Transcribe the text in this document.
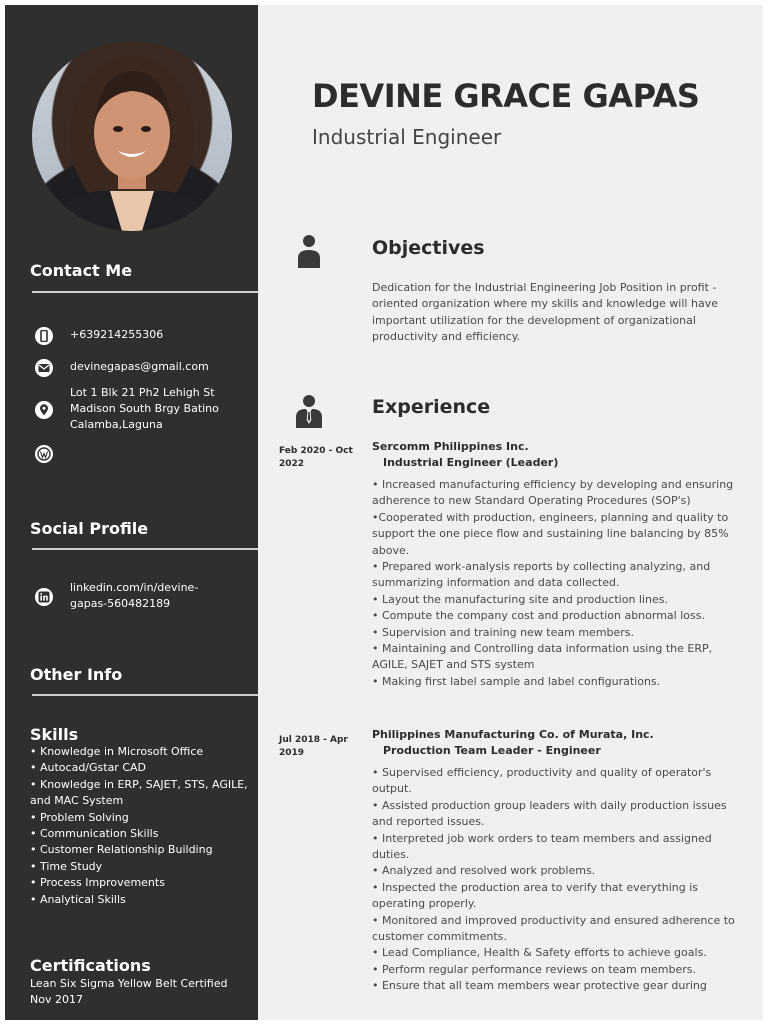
Contact Me
+639214255306
devinegapas@gmail.com
Lot 1 Blk 21 Ph2 Lehigh St Madison South Brgy Batino Calamba,Laguna
Social Profile
linkedin.com/in/devine-gapas-560482189
Other Info
Skills
• Knowledge in Microsoft Office
• Autocad/Gstar CAD
• Knowledge in ERP, SAJET, STS, AGILE, and MAC System
• Problem Solving
• Communication Skills
• Customer Relationship Building
• Time Study
• Process Improvements
• Analytical Skills
Certifications
Lean Six Sigma Yellow Belt Certified
Nov 2017
DEVINE GRACE GAPAS
Industrial Engineer
Objectives
Dedication for the Industrial Engineering Job Position in profit - oriented organization where my skills and knowledge will have important utilization for the development of organizational productivity and efficiency.
Experience
Feb 2020 - Oct 2022
Sercomm Philippines Inc.
Industrial Engineer (Leader)
• Increased manufacturing efficiency by developing and ensuring adherence to new Standard Operating Procedures (SOP's)
•Cooperated with production, engineers, planning and quality to support the one piece flow and sustaining line balancing by 85% above.
• Prepared work-analysis reports by collecting analyzing, and summarizing information and data collected.
• Layout the manufacturing site and production lines.
• Compute the company cost and production abnormal loss.
• Supervision and training new team members.
• Maintaining and Controlling data information using the ERP, AGILE, SAJET and STS system
• Making first label sample and label configurations.
Jul 2018 - Apr 2019
Philippines Manufacturing Co. of Murata, Inc.
Production Team Leader - Engineer
• Supervised efficiency, productivity and quality of operator's output.
• Assisted production group leaders with daily production issues and reported issues.
• Interpreted job work orders to team members and assigned duties.
• Analyzed and resolved work problems.
• Inspected the production area to verify that everything is operating properly.
• Monitored and improved productivity and ensured adherence to customer commitments.
• Lead Compliance, Health & Safety efforts to achieve goals.
• Perform regular performance reviews on team members.
• Ensure that all team members wear protective gear during
